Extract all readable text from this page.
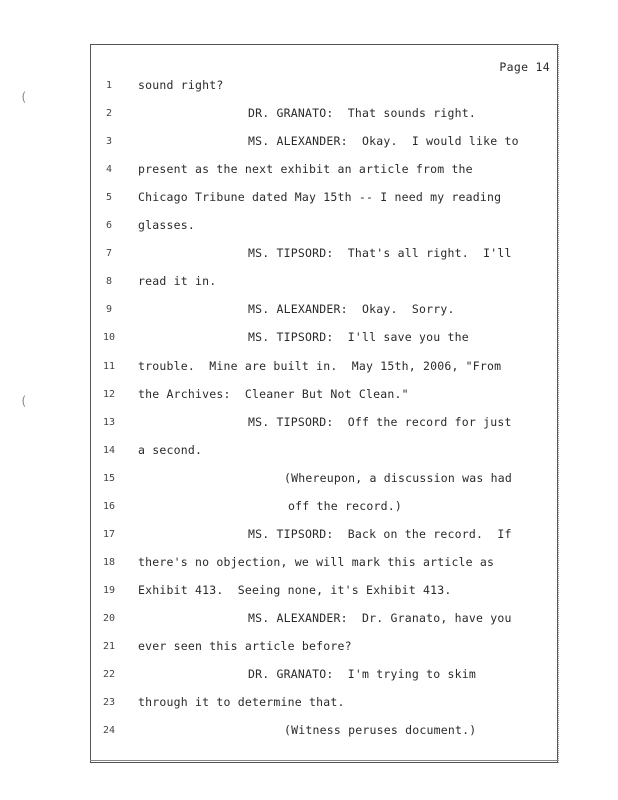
(
(
Page 14
1	sound right?
2	DR. GRANATO:  That sounds right.
3	MS. ALEXANDER:  Okay.  I would like to
4	present as the next exhibit an article from the
5	Chicago Tribune dated May 15th -- I need my reading
6	glasses.
7	MS. TIPSORD:  That's all right.  I'll
8	read it in.
9	MS. ALEXANDER:  Okay.  Sorry.
10	MS. TIPSORD:  I'll save you the
11 trouble.  Mine are built in.  May 15th, 2006, "From
12 the Archives:  Cleaner But Not Clean."
13	MS. TIPSORD:  Off the record for just
14 a second.
15	(Whereupon, a discussion was had
16	off the record.)
17	MS. TIPSORD:  Back on the record.  If
18 there's no objection, we will mark this article as
19 Exhibit 413.  Seeing none, it's Exhibit 413.
20	MS. ALEXANDER:  Dr. Granato, have you
21 ever seen this article before?
22	DR. GRANATO:  I'm trying to skim
23 through it to determine that.
24	(Witness peruses document.)
